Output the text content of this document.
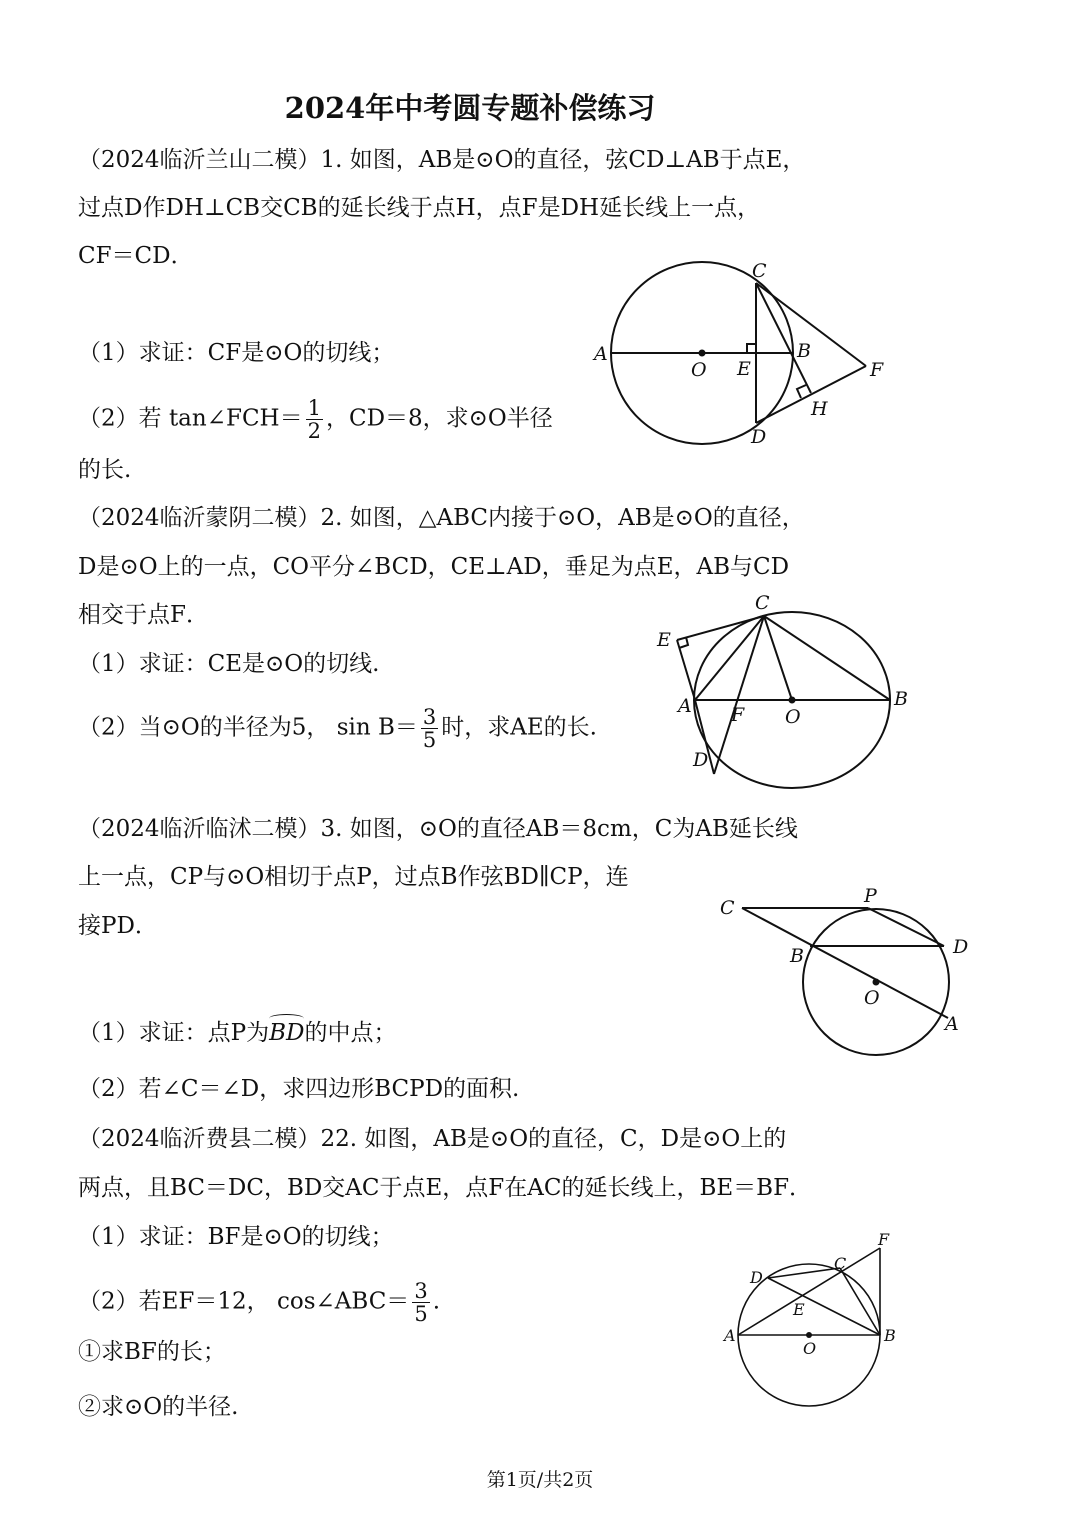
2024年中考圆专题补偿练习
（2024临沂兰山二模）1. 如图，AB是⊙O的直径，弦CD⊥AB于点E，
过点D作DH⊥CB交CB的延长线于点H，点F是DH延长线上一点，
CF＝CD．
（1）求证：CF是⊙O的切线；
（2）若 tan∠FCH＝ $\frac{1}{2}$ ，CD＝8，求⊙O半径
的长.
A
O E
B
C
D
F
H
（2024临沂蒙阴二模）2. 如图，△ABC内接于⊙O，AB是⊙O的直径，
D是⊙O上的一点，CO平分∠BCD，CE⊥AD，垂足为点E，AB与CD
相交于点F．
（1）求证：CE是⊙O的切线.
（2）当⊙O的半径为5， $\sin B= \frac{3}{5}$ 时，求AE的长.
C
E
A F O
B
D
（2024临沂临沭二模）3. 如图，⊙O的直径AB＝8cm，C为AB延长线
上一点，CP与⊙O相切于点P，过点B作弦BD∥CP，连
接PD．
（1）求证：点P为BD的中点；
（2）若∠C＝∠D，求四边形BCPD的面积.
C
P
B	D
O
A
（2024临沂费县二模）22. 如图，AB是⊙O的直径，C，D是⊙O上的
两点，且BC＝DC，BD交AC于点E，点F在AC的延长线上，BE＝BF．
（1）求证：BF是⊙O的切线；
（2）若EF＝12， cos∠ABC＝ $\frac{3}{5}$ .
①求BF的长；
②求⊙O的半径.
F
D
C
E
A
O
B
第1页/共2页
